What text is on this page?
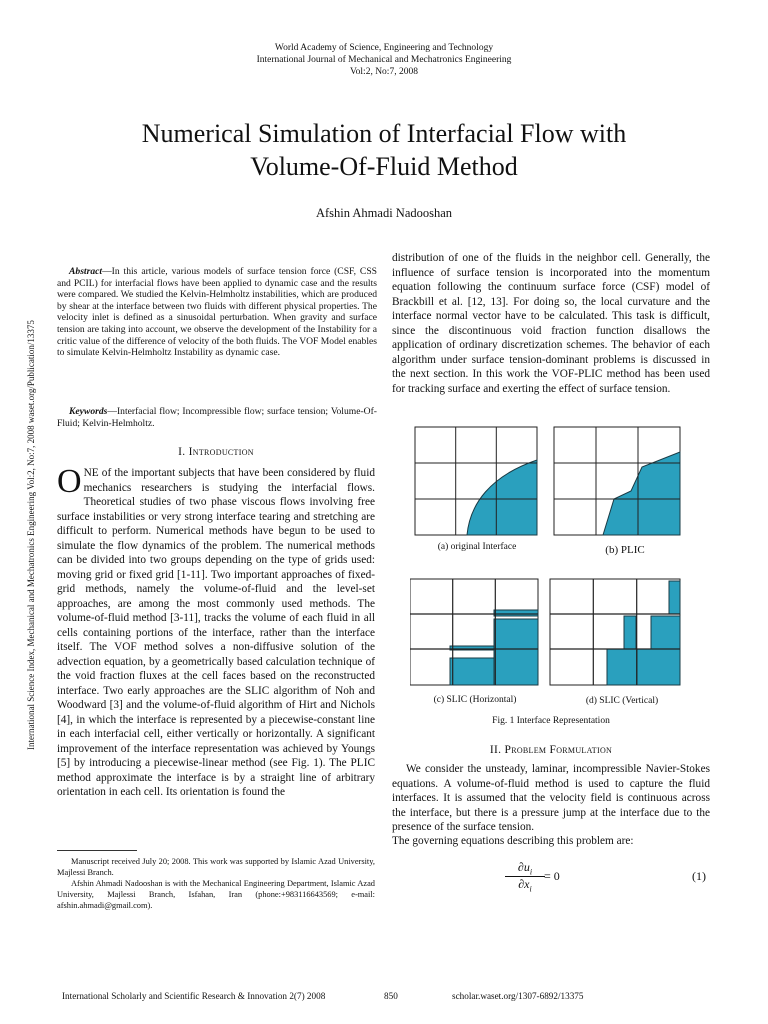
World Academy of Science, Engineering and Technology
International Journal of Mechanical and Mechatronics Engineering
Vol:2, No:7, 2008
Numerical Simulation of Interfacial Flow with
Volume-Of-Fluid Method
Afshin Ahmadi Nadooshan
International Science Index, Mechanical and Mechatronics Engineering Vol:2, No:7, 2008 waset.org/Publication/13375
Abstract—In this article, various models of surface tension force (CSF, CSS and PCIL) for interfacial flows have been applied to dynamic case and the results were compared. We studied the Kelvin-Helmholtz instabilities, which are produced by shear at the interface between two fluids with different physical properties. The velocity inlet is defined as a sinusoidal perturbation. When gravity and surface tension are taking into account, we observe the development of the Instability for a critic value of the difference of velocity of the both fluids. The VOF Model enables to simulate Kelvin-Helmholtz Instability as dynamic case.
Keywords—Interfacial flow; Incompressible flow; surface tension; Volume-Of-Fluid; Kelvin-Helmholtz.
I. Introduction
ONE of the important subjects that have been considered by fluid mechanics researchers is studying the interfacial flows. Theoretical studies of two phase viscous flows involving free surface instabilities or very strong interface tearing and stretching are difficult to perform. Numerical methods have begun to be used to simulate the flow dynamics of the problem. The numerical methods can be divided into two groups depending on the type of grids used: moving grid or fixed grid [1-11]. Two important approaches of fixed-grid methods, namely the volume-of-fluid and the level-set approaches, are among the most commonly used methods. The volume-of-fluid method [3-11], tracks the volume of each fluid in all cells containing portions of the interface, rather than the interface itself. The VOF method solves a non-diffusive solution of the advection equation, by a geometrically based calculation technique of the void fraction fluxes at the cell faces based on the reconstructed interface. Two early approaches are the SLIC algorithm of Noh and Woodward [3] and the volume-of-fluid algorithm of Hirt and Nichols [4], in which the interface is represented by a piecewise-constant line in each interfacial cell, either vertically or horizontally. A significant improvement of the interface representation was achieved by Youngs [5] by introducing a piecewise-linear method (see Fig. 1). The PLIC method approximate the interface is by a straight line of arbitrary orientation in each cell. Its orientation is found the

Manuscript received July 20; 2008. This work was supported by Islamic Azad University, Majlessi Branch.

Afshin Ahmadi Nadooshan is with the Mechanical Engineering Department, Islamic Azad University, Majlessi Branch, Isfahan, Iran (phone:+983116643569; e-mail: afshin.ahmadi@gmail.com).

distribution of one of the fluids in the neighbor cell. Generally, the influence of surface tension is incorporated into the momentum equation following the continuum surface force (CSF) model of Brackbill et al. [12, 13]. For doing so, the local curvature and the interface normal vector have to be calculated. This task is difficult, since the discontinuous void fraction function disallows the application of ordinary discretization schemes. The behavior of each algorithm under surface tension-dominant problems is discussed in the next section. In this work the VOF-PLIC method has been used for tracking surface and exerting the effect of surface tension.
(a) original Interface	(b) PLIC
(c) SLIC (Horizontal)	(d) SLIC (Vertical)
Fig. 1 Interface Representation
II. Problem Formulation
We consider the unsteady, laminar, incompressible Navier-Stokes equations. A volume-of-fluid method is used to capture the fluid interfaces. It is assumed that the velocity field is continuous across the interface, but there is a pressure jump at the interface due to the presence of the surface tension.
The governing equations describing this problem are:
$\frac{\partial u_i}{\partial x_i} = 0$	(1)
International Scholarly and Scientific Research & Innovation 2(7) 2008	850	scholar.waset.org/1307-6892/13375
